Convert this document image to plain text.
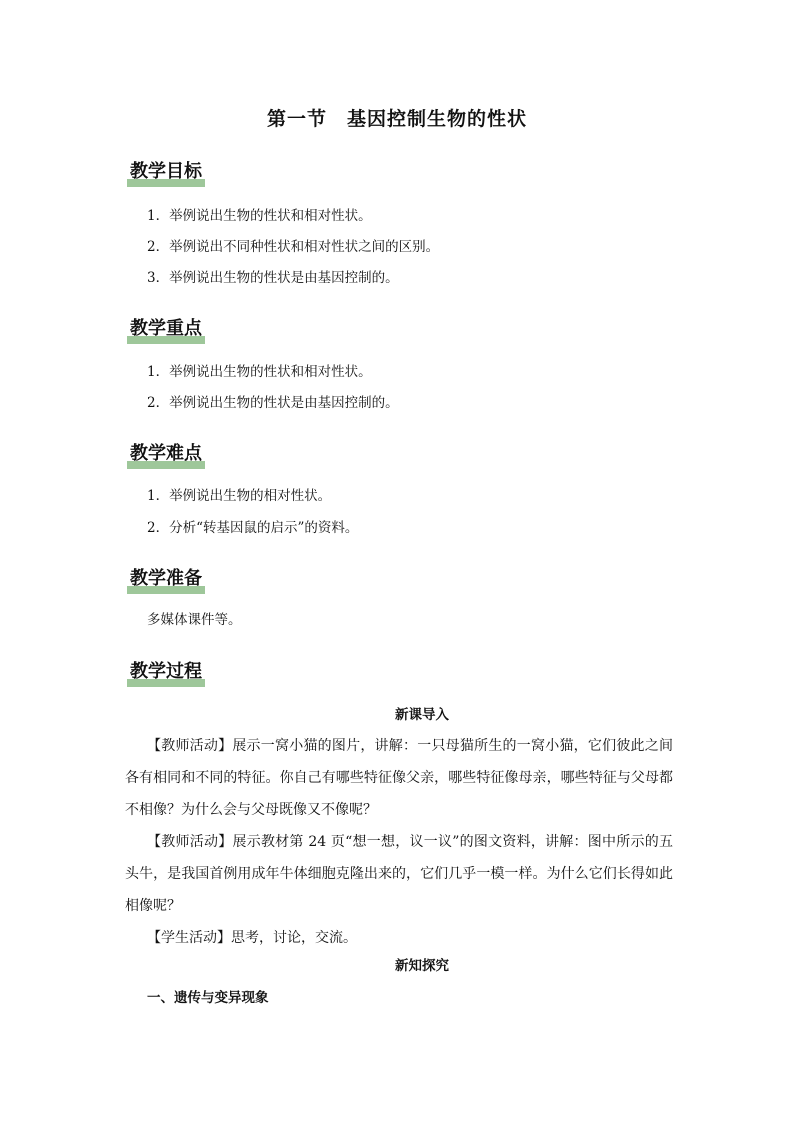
第一节　基因控制生物的性状
教学目标
1．举例说出生物的性状和相对性状。
2．举例说出不同种性状和相对性状之间的区别。
3．举例说出生物的性状是由基因控制的。
教学重点
1．举例说出生物的性状和相对性状。
2．举例说出生物的性状是由基因控制的。
教学难点
1．举例说出生物的相对性状。
2．分析“转基因鼠的启示”的资料。
教学准备
多媒体课件等。
教学过程
新课导入
【教师活动】展示一窝小猫的图片，讲解：一只母猫所生的一窝小猫，它们彼此之间各有相同和不同的特征。你自己有哪些特征像父亲，哪些特征像母亲，哪些特征与父母都不相像？为什么会与父母既像又不像呢？
【教师活动】展示教材第 24 页“想一想，议一议”的图文资料，讲解：图中所示的五头牛，是我国首例用成年牛体细胞克隆出来的，它们几乎一模一样。为什么它们长得如此相像呢？
【学生活动】思考，讨论，交流。
新知探究
一、遗传与变异现象
